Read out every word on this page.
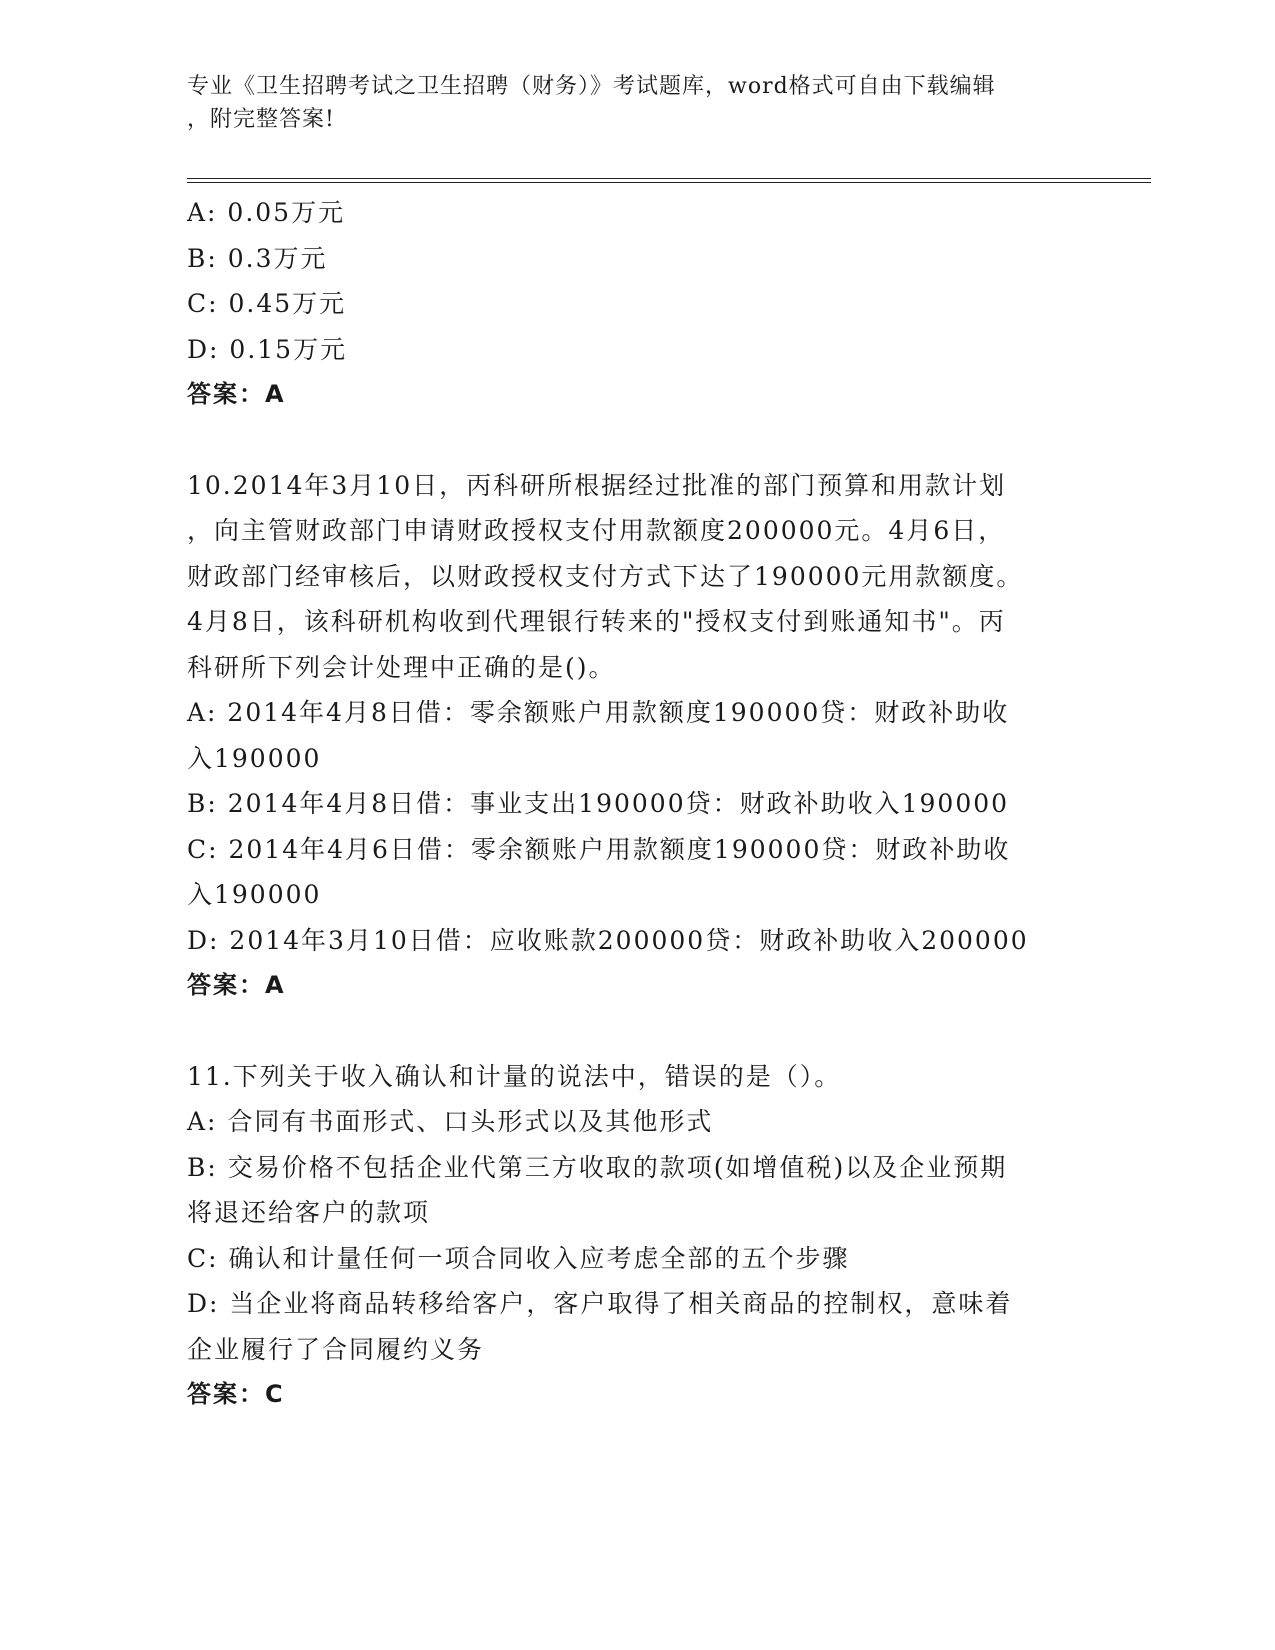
专业《卫生招聘考试之卫生招聘（财务）》考试题库，word格式可自由下载编辑
，附完整答案!
A: 0.05万元
B: 0.3万元
C: 0.45万元
D: 0.15万元
答案：A
10.2014年3月10日，丙科研所根据经过批准的部门预算和用款计划
，向主管财政部门申请财政授权支付用款额度200000元。4月6日，
财政部门经审核后，以财政授权支付方式下达了190000元用款额度。
4月8日，该科研机构收到代理银行转来的"授权支付到账通知书"。丙
科研所下列会计处理中正确的是()。
A: 2014年4月8日借：零余额账户用款额度190000贷：财政补助收
入190000
B: 2014年4月8日借：事业支出190000贷：财政补助收入190000
C: 2014年4月6日借：零余额账户用款额度190000贷：财政补助收
入190000
D: 2014年3月10日借：应收账款200000贷：财政补助收入200000
答案：A
11.下列关于收入确认和计量的说法中，错误的是（）。
A: 合同有书面形式、口头形式以及其他形式
B: 交易价格不包括企业代第三方收取的款项(如增值税)以及企业预期
将退还给客户的款项
C: 确认和计量任何一项合同收入应考虑全部的五个步骤
D: 当企业将商品转移给客户，客户取得了相关商品的控制权，意味着
企业履行了合同履约义务
答案：C
